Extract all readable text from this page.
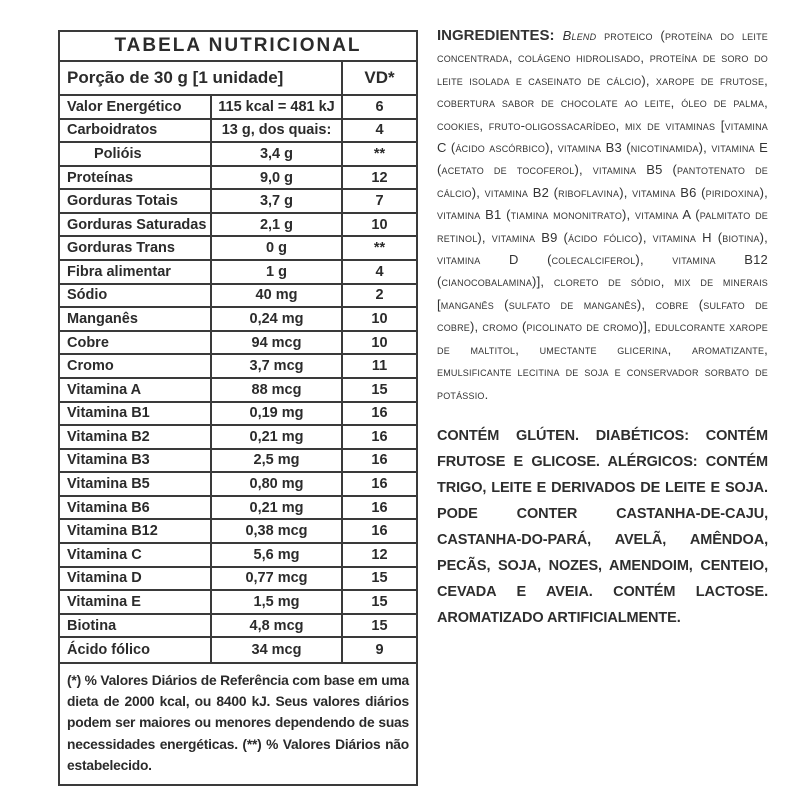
TABELA NUTRICIONAL
Porção de 30 g [1 unidade]	VD*
Valor Energético	115 kcal = 481 kJ	6
Carboidratos	13 g, dos quais:	4
Polióis	3,4 g	**
Proteínas	9,0 g	12
Gorduras Totais	3,7 g	7
Gorduras Saturadas	2,1 g	10
Gorduras Trans	0 g	**
Fibra alimentar	1 g	4
Sódio	40 mg	2
Manganês	0,24 mg	10
Cobre	94 mcg	10
Cromo	3,7 mcg	11
Vitamina A	88 mcg	15
Vitamina B1	0,19 mg	16
Vitamina B2	0,21 mg	16
Vitamina B3	2,5 mg	16
Vitamina B5	0,80 mg	16
Vitamina B6	0,21 mg	16
Vitamina B12	0,38 mcg	16
Vitamina C	5,6 mg	12
Vitamina D	0,77 mcg	15
Vitamina E	1,5 mg	15
Biotina	4,8 mcg	15
Ácido fólico	34 mcg	9
(*) % Valores Diários de Referência com base em uma dieta de 2000 kcal, ou 8400 kJ. Seus valores diários podem ser maiores ou menores dependendo de suas necessidades energéticas. (**) % Valores Diários não estabelecido.

INGREDIENTES: Blend proteico (proteína do leite concentrada, colágeno hidrolisado, proteína de soro do leite isolada e caseinato de cálcio), xarope de frutose, cobertura sabor de chocolate ao leite, óleo de palma, cookies, fruto-oligossacarídeo, mix de vitaminas [vitamina C (ácido ascórbico), vitamina B3 (nicotinamida), vitamina E (acetato de tocoferol), vitamina B5 (pantotenato de cálcio), vitamina B2 (riboflavina), vitamina B6 (piridoxina), vitamina B1 (tiamina mononitrato), vitamina A (palmitato de retinol), vitamina B9 (ácido fólico), vitamina H (biotina), vitamina D (colecalciferol), vitamina B12 (cianocobalamina)], cloreto de sódio, mix de minerais [manganês (sulfato de manganês), cobre (sulfato de cobre), cromo (picolinato de cromo)], edulcorante xarope de maltitol, umectante glicerina, aromatizante, emulsificante lecitina de soja e conservador sorbato de potássio.

CONTÉM GLÚTEN. DIABÉTICOS: CONTÉM FRUTOSE E GLICOSE. ALÉRGICOS: CONTÉM TRIGO, LEITE E DERIVADOS DE LEITE E SOJA. PODE CONTER CASTANHA-DE-CAJU, CASTANHA-DO-PARÁ, AVELÃ, AMÊNDOA, PECÃS, SOJA, NOZES, AMENDOIM, CENTEIO, CEVADA E AVEIA. CONTÉM LACTOSE. AROMATIZADO ARTIFICIALMENTE.
